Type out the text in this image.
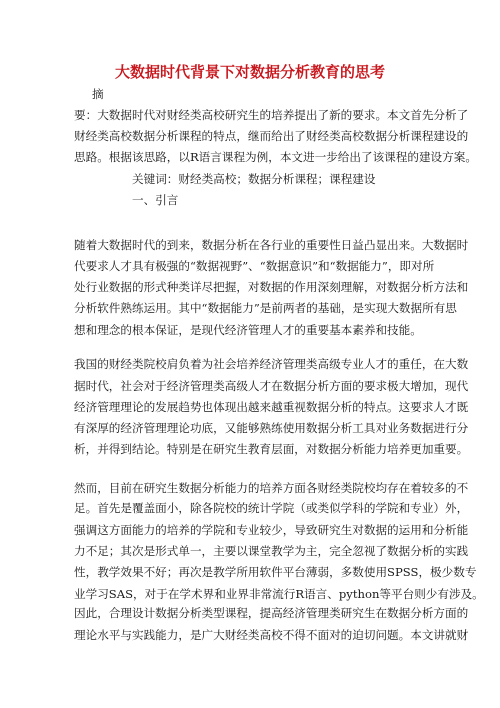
大数据时代背景下对数据分析教育的思考
摘
要：大数据时代对财经类高校研究生的培养提出了新的要求。本文首先分析了
财经类高校数据分析课程的特点，继而给出了财经类高校数据分析课程建设的
思路。根据该思路，以R语言课程为例，本文进一步给出了该课程的建设方案。
关键词：财经类高校；数据分析课程；课程建设
一、引言
随着大数据时代的到来，数据分析在各行业的重要性日益凸显出来。大数据时
代要求人才具有极强的“数据视野”、“数据意识”和“数据能力”，即对所
处行业数据的形式种类详尽把握，对数据的作用深刻理解，对数据分析方法和
分析软件熟练运用。其中“数据能力”是前两者的基础，是实现大数据所有思
想和理念的根本保证，是现代经济管理人才的重要基本素养和技能。
我国的财经类院校肩负着为社会培养经济管理类高级专业人才的重任，在大数
据时代，社会对于经济管理类高级人才在数据分析方面的要求极大增加，现代
经济管理理论的发展趋势也体现出越来越重视数据分析的特点。这要求人才既
有深厚的经济管理理论功底，又能够熟练使用数据分析工具对业务数据进行分
析，并得到结论。特别是在研究生教育层面，对数据分析能力培养更加重要。
然而，目前在研究生数据分析能力的培养方面各财经类院校均存在着较多的不
足。首先是覆盖面小，除各院校的统计学院（或类似学科的学院和专业）外，
强调这方面能力的培养的学院和专业较少，导致研究生对数据的运用和分析能
力不足；其次是形式单一，主要以课堂教学为主，完全忽视了数据分析的实践
性，教学效果不好；再次是教学所用软件平台薄弱，多数使用SPSS，极少数专
业学习SAS，对于在学术界和业界非常流行R语言、python等平台则少有涉及。
因此，合理设计数据分析类型课程，提高经济管理类研究生在数据分析方面的
理论水平与实践能力，是广大财经类高校不得不面对的迫切问题。本文讲就财
